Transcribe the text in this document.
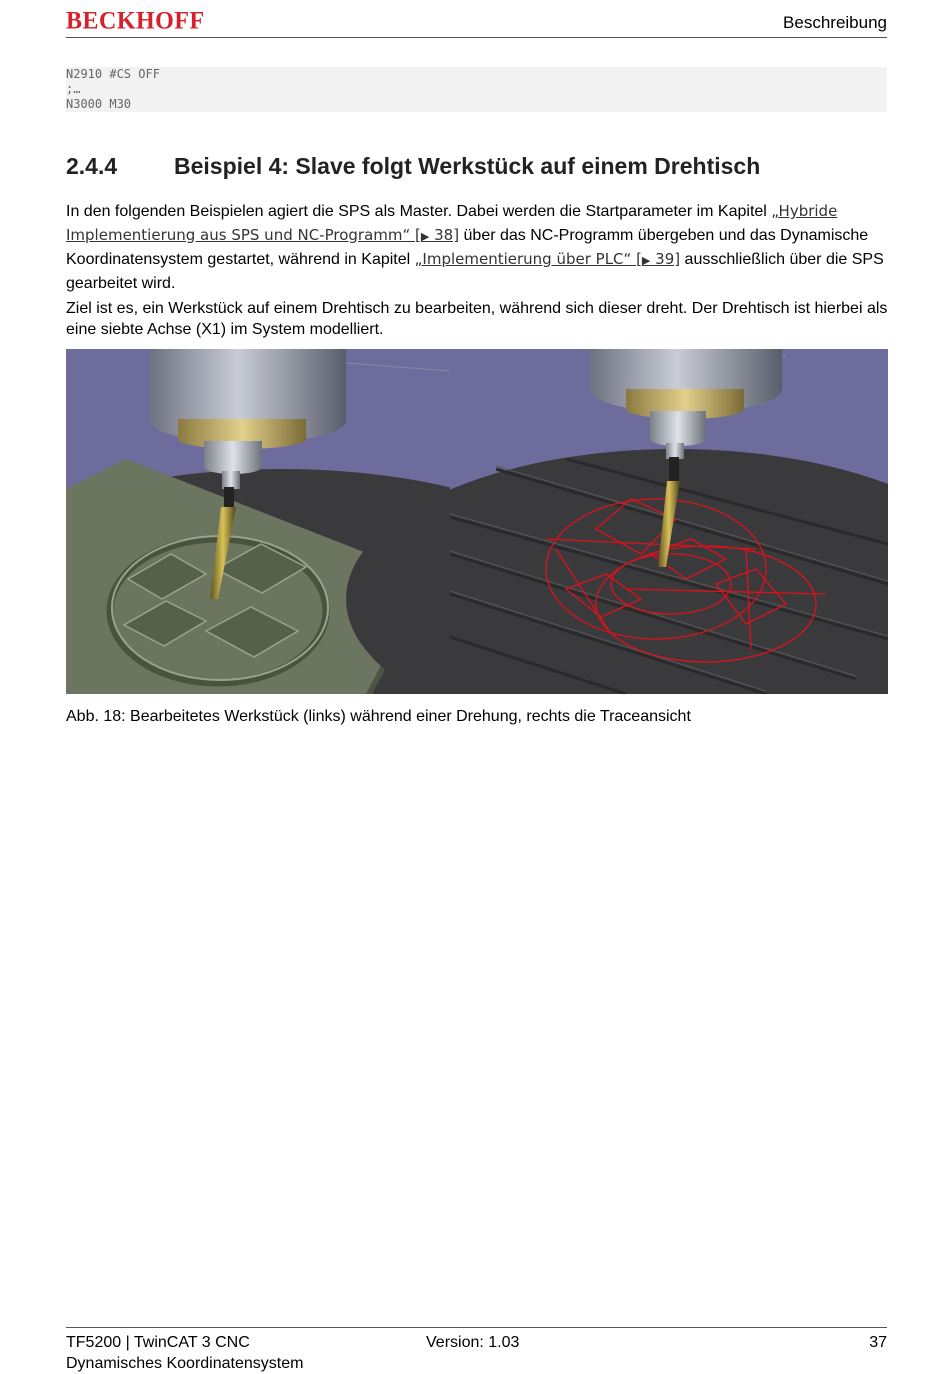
BECKHOFF	Beschreibung
N2910 #CS OFF
;…
N3000 M30
2.4.4 Beispiel 4: Slave folgt Werkstück auf einem Drehtisch
In den folgenden Beispielen agiert die SPS als Master. Dabei werden die Startparameter im Kapitel „Hybride Implementierung aus SPS und NC-Programm“ [▶ 38] über das NC-Programm übergeben und das Dynamische Koordinatensystem gestartet, während in Kapitel „Implementierung über PLC“ [▶ 39] ausschließlich über die SPS gearbeitet wird.
Ziel ist es, ein Werkstück auf einem Drehtisch zu bearbeiten, während sich dieser dreht. Der Drehtisch ist hierbei als eine siebte Achse (X1) im System modelliert.
Abb. 18: Bearbeitetes Werkstück (links) während einer Drehung, rechts die Traceansicht
TF5200 | TwinCAT 3 CNC
Dynamisches Koordinatensystem
Version: 1.03	37
